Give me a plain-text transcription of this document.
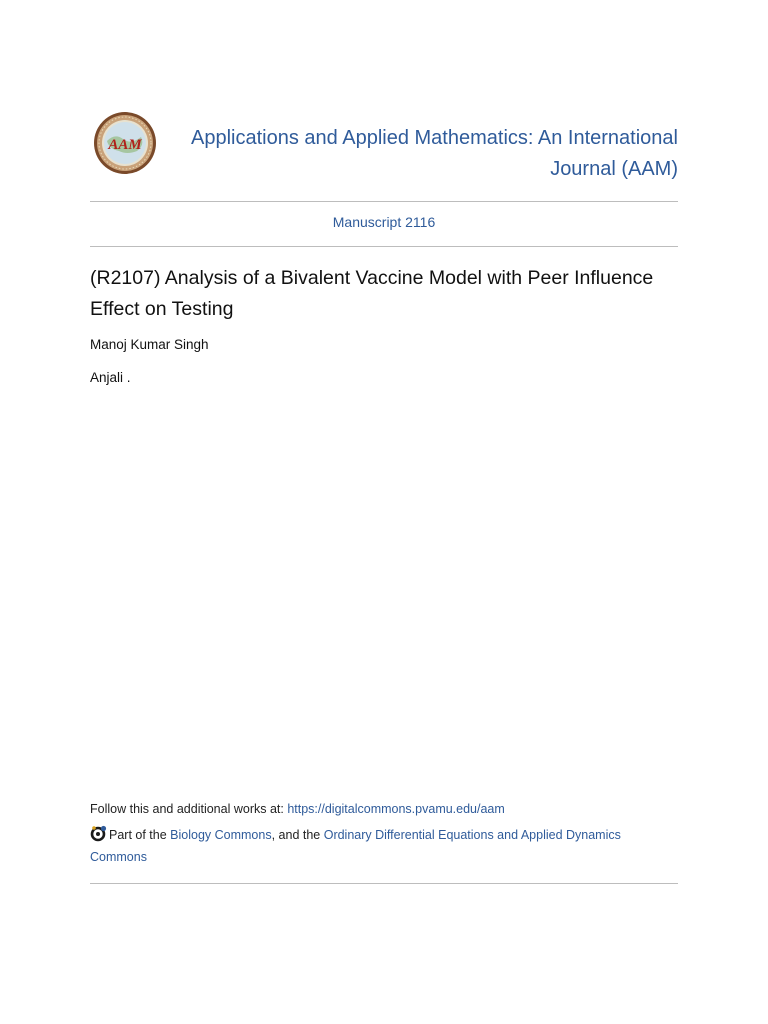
AAM	Applications and Applied Mathematics: An International
Journal (AAM)
Manuscript 2116
(R2107) Analysis of a Bivalent Vaccine Model with Peer Influence
Effect on Testing
Manoj Kumar Singh
Anjali .
Follow this and additional works at: https://digitalcommons.pvamu.edu/aam
Part of the Biology Commons, and the Ordinary Differential Equations and Applied Dynamics Commons
